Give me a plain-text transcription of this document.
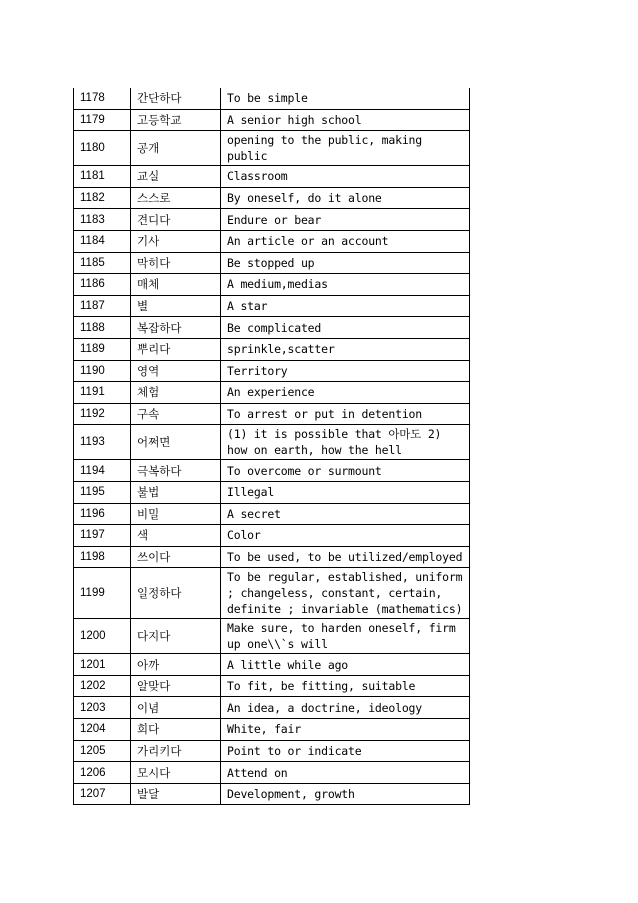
1178	간단하다	To be simple
1179	고등학교	A senior high school
1180	공개	opening to the public, making public
1181	교실	Classroom
1182	스스로	By oneself, do it alone
1183	견디다	Endure or bear
1184	기사	An article or an account
1185	막히다	Be stopped up
1186	매체	A medium,medias
1187	별	A star
1188	복잡하다	Be complicated
1189	뿌리다	sprinkle,scatter
1190	영역	Territory
1191	체험	An experience
1192	구속	To arrest or put in detention
1193	어쩌면	(1) it is possible that 아마도 2) how on earth, how the hell
1194	극복하다	To overcome or surmount
1195	불법	Illegal
1196	비밀	A secret
1197	색	Color
1198	쓰이다	To be used, to be utilized/employed
1199	일정하다	To be regular, established, uniform ; changeless, constant, certain, definite ; invariable (mathematics)
1200	다지다	Make sure, to harden oneself, firm up one\\`s will
1201	아까	A little while ago
1202	알맞다	To fit, be fitting, suitable
1203	이념	An idea, a doctrine, ideology
1204	희다	White, fair
1205	가리키다	Point to or indicate
1206	모시다	Attend on
1207	발달	Development, growth
